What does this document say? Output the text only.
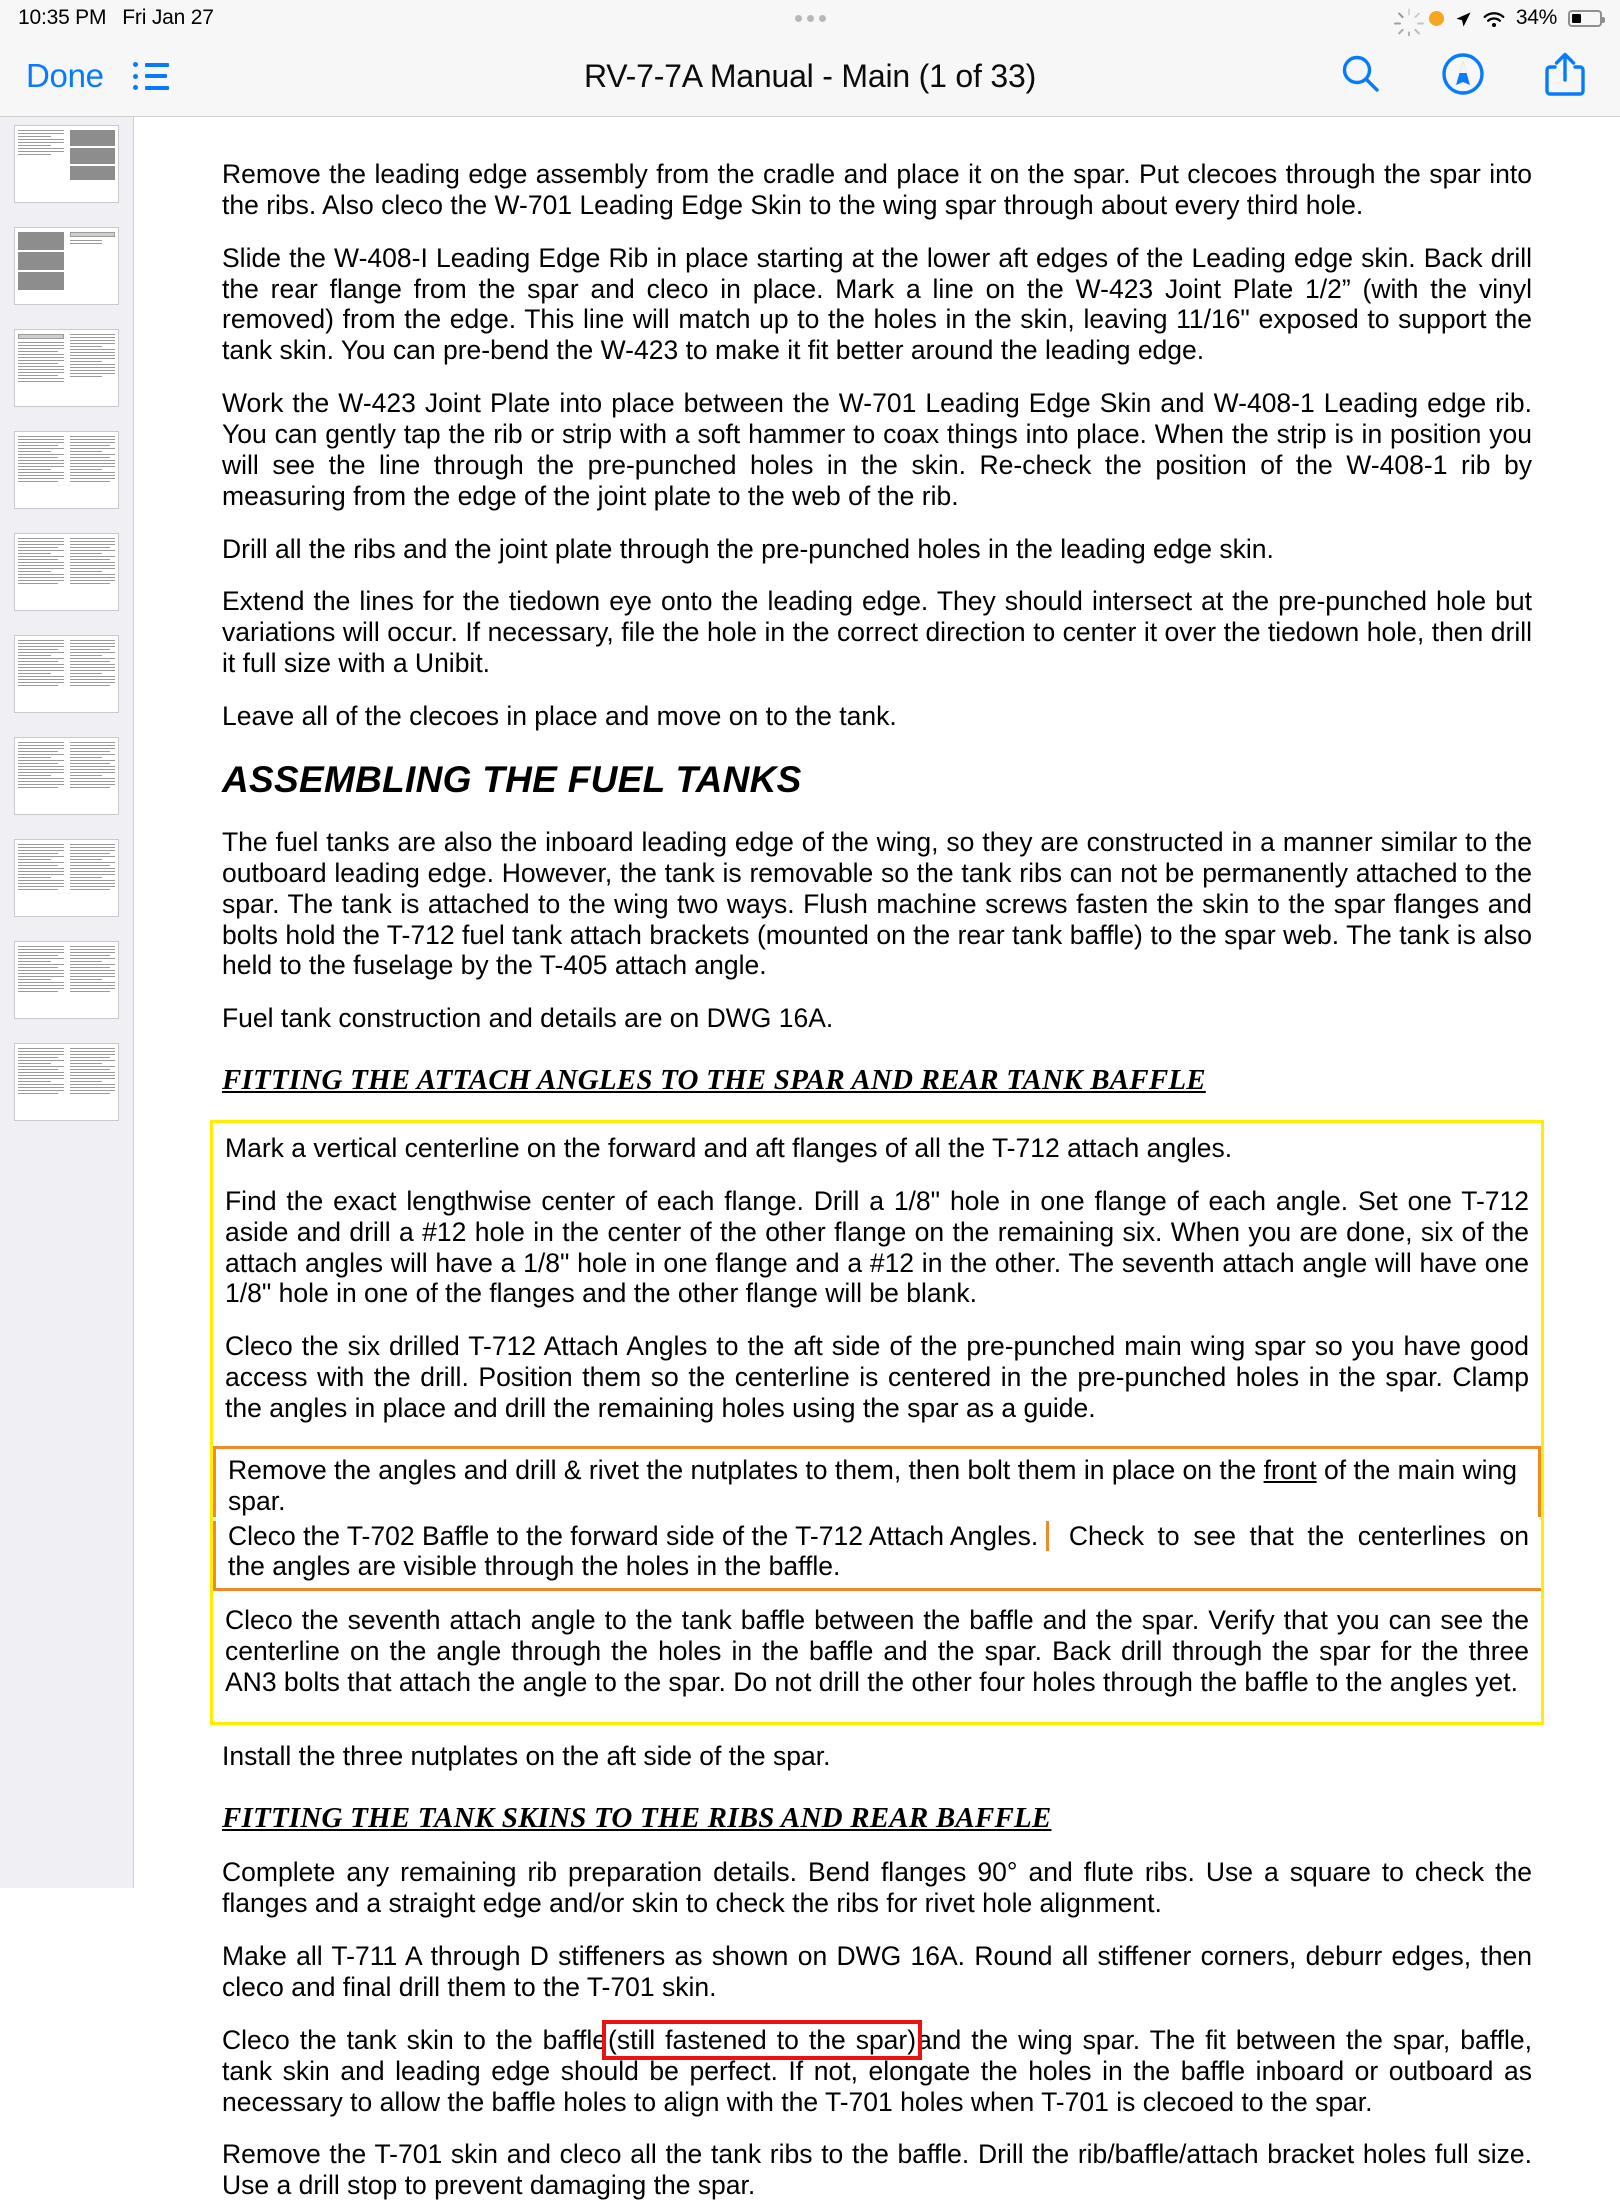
10:35 PM Fri Jan 27	34%
Done	RV-7-7A Manual - Main (1 of 33)

Remove the leading edge assembly from the cradle and place it on the spar. Put clecoes through the spar into the ribs. Also cleco the W-701 Leading Edge Skin to the wing spar through about every third hole.

Slide the W-408-I Leading Edge Rib in place starting at the lower aft edges of the Leading edge skin. Back drill the rear flange from the spar and cleco in place. Mark a line on the W-423 Joint Plate 1/2” (with the vinyl removed) from the edge. This line will match up to the holes in the skin, leaving 11/16" exposed to support the tank skin. You can pre-bend the W-423 to make it fit better around the leading edge.

Work the W-423 Joint Plate into place between the W-701 Leading Edge Skin and W-408-1 Leading edge rib. You can gently tap the rib or strip with a soft hammer to coax things into place. When the strip is in position you will see the line through the pre-punched holes in the skin. Re-check the position of the W-408-1 rib by measuring from the edge of the joint plate to the web of the rib.

Drill all the ribs and the joint plate through the pre-punched holes in the leading edge skin.

Extend the lines for the tiedown eye onto the leading edge. They should intersect at the pre-punched hole but variations will occur. If necessary, file the hole in the correct direction to center it over the tiedown hole, then drill it full size with a Unibit.

Leave all of the clecoes in place and move on to the tank.

ASSEMBLING THE FUEL TANKS

The fuel tanks are also the inboard leading edge of the wing, so they are constructed in a manner similar to the outboard leading edge. However, the tank is removable so the tank ribs can not be permanently attached to the spar. The tank is attached to the wing two ways. Flush machine screws fasten the skin to the spar flanges and bolts hold the T-712 fuel tank attach brackets (mounted on the rear tank baffle) to the spar web. The tank is also held to the fuselage by the T-405 attach angle.

Fuel tank construction and details are on DWG 16A.

FITTING THE ATTACH ANGLES TO THE SPAR AND REAR TANK BAFFLE

Mark a vertical centerline on the forward and aft flanges of all the T-712 attach angles.

Find the exact lengthwise center of each flange. Drill a 1/8" hole in one flange of each angle. Set one T-712 aside and drill a #12 hole in the center of the other flange on the remaining six. When you are done, six of the attach angles will have a 1/8" hole in one flange and a #12 in the other. The seventh attach angle will have one 1/8" hole in one of the flanges and the other flange will be blank.

Cleco the six drilled T-712 Attach Angles to the aft side of the pre-punched main wing spar so you have good access with the drill. Position them so the centerline is centered in the pre-punched holes in the spar. Clamp the angles in place and drill the remaining holes using the spar as a guide.

Remove the angles and drill & rivet the nutplates to them, then bolt them in place on the front of the main wing spar.

Cleco the T-702 Baffle to the forward side of the T-712 Attach Angles. Check to see that the centerlines on the angles are visible through the holes in the baffle.

Cleco the seventh attach angle to the tank baffle between the baffle and the spar. Verify that you can see the centerline on the angle through the holes in the baffle and the spar. Back drill through the spar for the three AN3 bolts that attach the angle to the spar. Do not drill the other four holes through the baffle to the angles yet.

Install the three nutplates on the aft side of the spar.

FITTING THE TANK SKINS TO THE RIBS AND REAR BAFFLE

Complete any remaining rib preparation details. Bend flanges 90° and flute ribs. Use a square to check the flanges and a straight edge and/or skin to check the ribs for rivet hole alignment.

Make all T-711 A through D stiffeners as shown on DWG 16A. Round all stiffener corners, deburr edges, then cleco and final drill them to the T-701 skin.

Cleco the tank skin to the baffle(still fastened to the spar)and the wing spar. The fit between the spar, baffle, tank skin and leading edge should be perfect. If not, elongate the holes in the baffle inboard or outboard as necessary to allow the baffle holes to align with the T-701 holes when T-701 is clecoed to the spar.

Remove the T-701 skin and cleco all the tank ribs to the baffle. Drill the rib/baffle/attach bracket holes full size. Use a drill stop to prevent damaging the spar.
